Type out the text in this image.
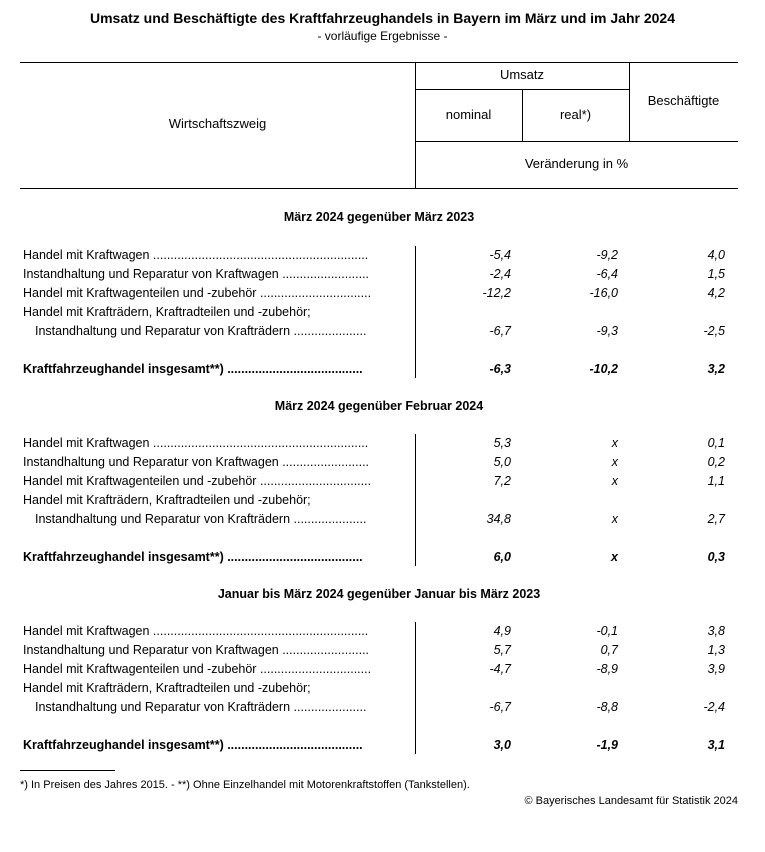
Umsatz und Beschäftigte des Kraftfahrzeughandels in Bayern im März und im Jahr 2024
- vorläufige Ergebnisse -
Wirtschaftszweig
Umsatz
nominal	real*)
Beschäftigte
Veränderung in %
März 2024 gegenüber März 2023
Handel mit Kraftwagen ..............................................................	-5,4	-9,2	4,0
Instandhaltung und Reparatur von Kraftwagen .........................	-2,4	-6,4	1,5
Handel mit Kraftwagenteilen und -zubehör ................................	-12,2	-16,0	4,2
Handel mit Krafträdern, Kraftradteilen und -zubehör;
Instandhaltung und Reparatur von Krafträdern .....................	-6,7	-9,3	-2,5
Kraftfahrzeughandel insgesamt**) .......................................	-6,3	-10,2	3,2
März 2024 gegenüber Februar 2024
Handel mit Kraftwagen ..............................................................	5,3	x	0,1
Instandhaltung und Reparatur von Kraftwagen .........................	5,0	x	0,2
Handel mit Kraftwagenteilen und -zubehör ................................	7,2	x	1,1
Handel mit Krafträdern, Kraftradteilen und -zubehör;
Instandhaltung und Reparatur von Krafträdern .....................	34,8	x	2,7
Kraftfahrzeughandel insgesamt**) .......................................	6,0	x	0,3
Januar bis März 2024 gegenüber Januar bis März 2023
Handel mit Kraftwagen ..............................................................	4,9	-0,1	3,8
Instandhaltung und Reparatur von Kraftwagen .........................	5,7	0,7	1,3
Handel mit Kraftwagenteilen und -zubehör ................................	-4,7	-8,9	3,9
Handel mit Krafträdern, Kraftradteilen und -zubehör;
Instandhaltung und Reparatur von Krafträdern .....................	-6,7	-8,8	-2,4
Kraftfahrzeughandel insgesamt**) .......................................	3,0	-1,9	3,1
*) In Preisen des Jahres 2015. - **) Ohne Einzelhandel mit Motorenkraftstoffen (Tankstellen).
© Bayerisches Landesamt für Statistik 2024
